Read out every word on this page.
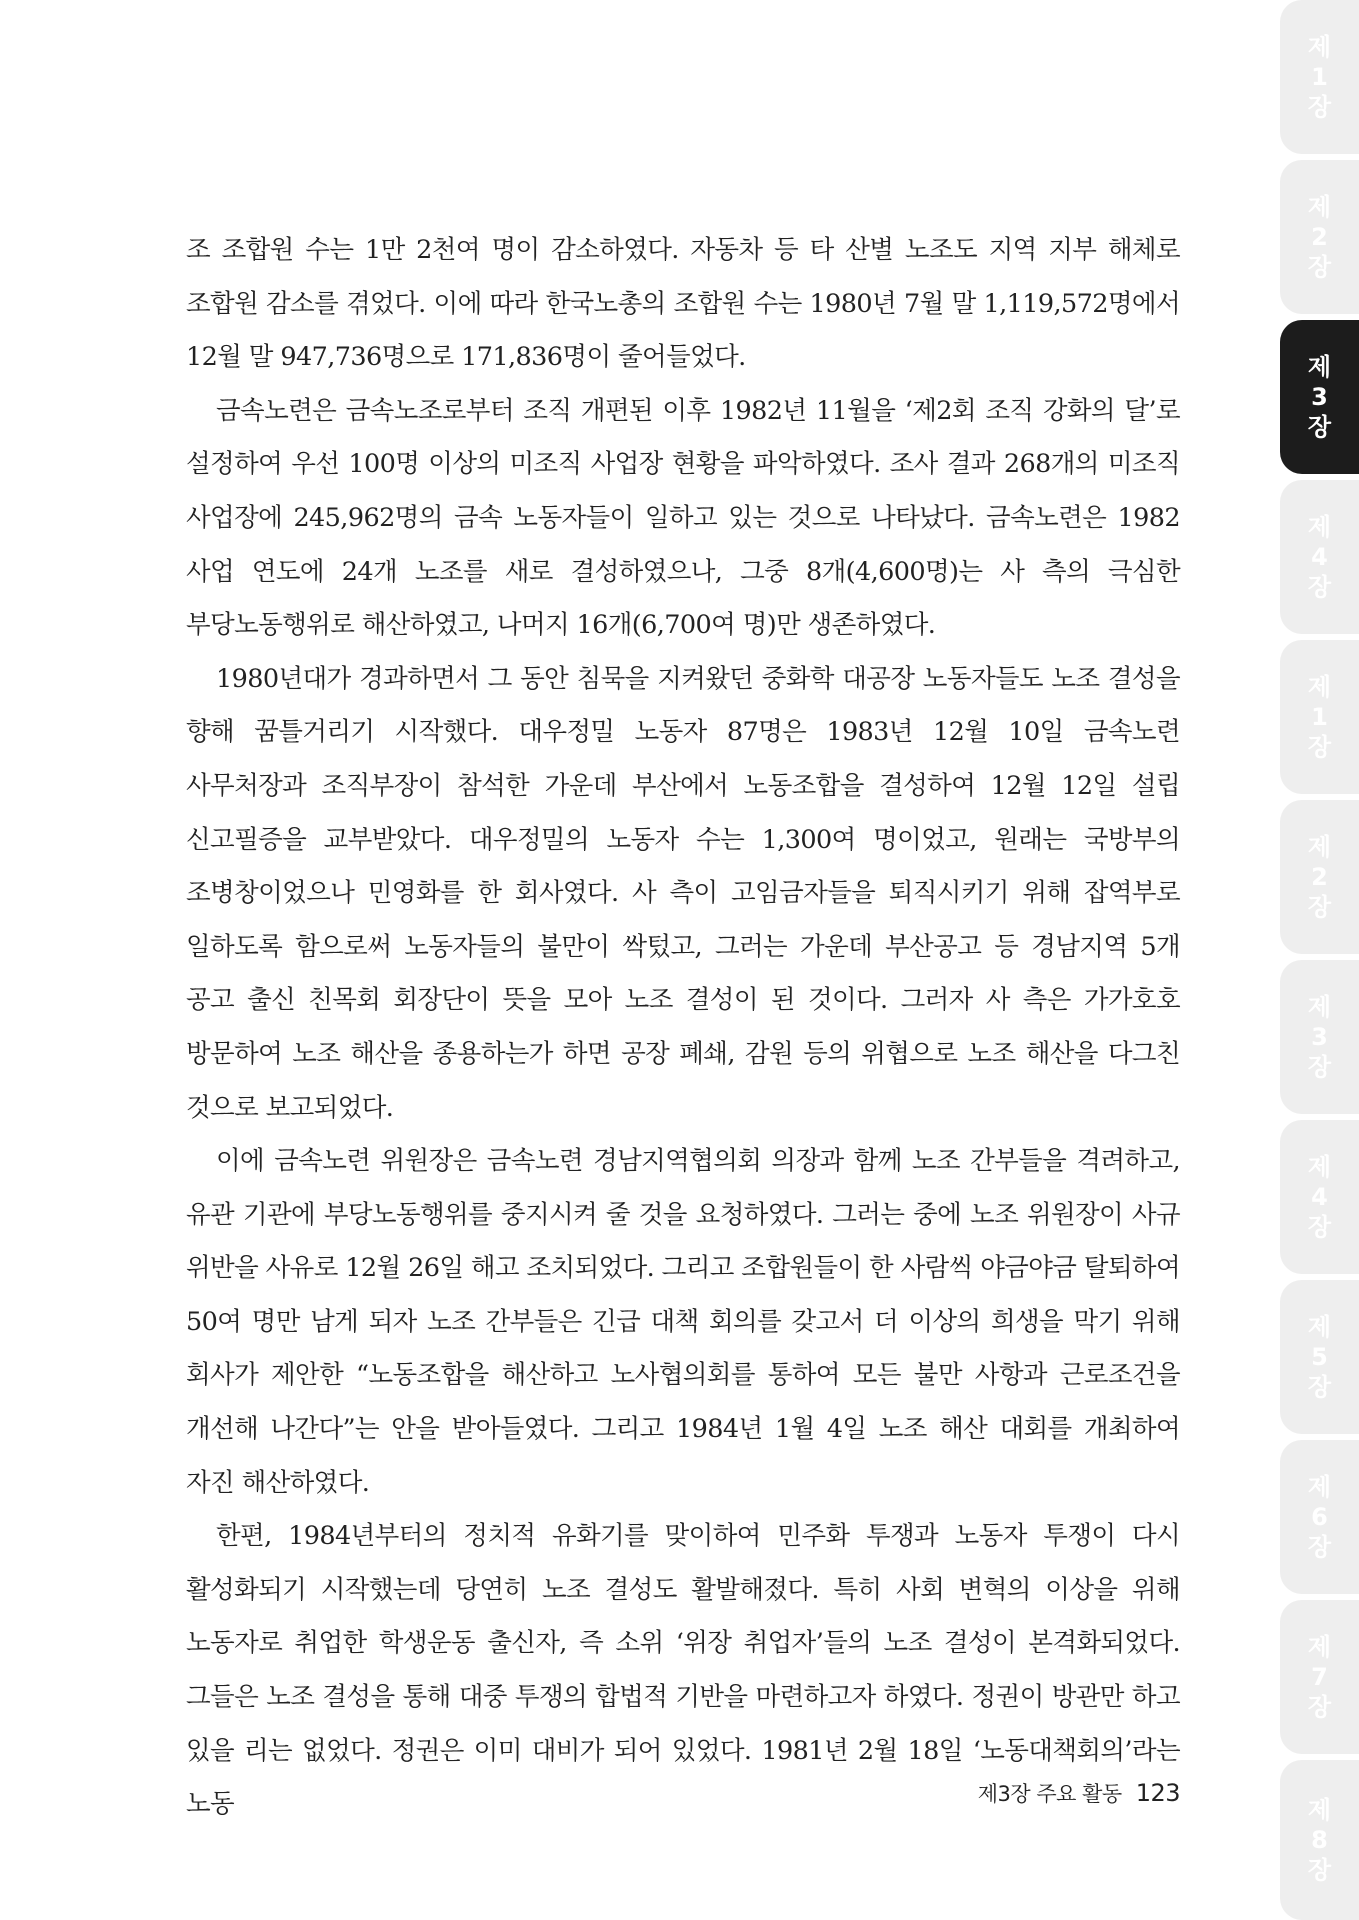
조 조합원 수는 1만 2천여 명이 감소하였다. 자동차 등 타 산별 노조도 지역 지부 해체로 조합원 감소를 겪었다. 이에 따라 한국노총의 조합원 수는 1980년 7월 말 1,119,572명에서 12월 말 947,736명으로 171,836명이 줄어들었다.

금속노련은 금속노조로부터 조직 개편된 이후 1982년 11월을 ‘제2회 조직 강화의 달’로 설정하여 우선 100명 이상의 미조직 사업장 현황을 파악하였다. 조사 결과 268개의 미조직 사업장에 245,962명의 금속 노동자들이 일하고 있는 것으로 나타났다. 금속노련은 1982 사업 연도에 24개 노조를 새로 결성하였으나, 그중 8개(4,600명)는 사 측의 극심한 부당노동행위로 해산하였고, 나머지 16개(6,700여 명)만 생존하였다.

1980년대가 경과하면서 그 동안 침묵을 지켜왔던 중화학 대공장 노동자들도 노조 결성을 향해 꿈틀거리기 시작했다. 대우정밀 노동자 87명은 1983년 12월 10일 금속노련 사무처장과 조직부장이 참석한 가운데 부산에서 노동조합을 결성하여 12월 12일 설립 신고필증을 교부받았다. 대우정밀의 노동자 수는 1,300여 명이었고, 원래는 국방부의 조병창이었으나 민영화를 한 회사였다. 사 측이 고임금자들을 퇴직시키기 위해 잡역부로 일하도록 함으로써 노동자들의 불만이 싹텄고, 그러는 가운데 부산공고 등 경남지역 5개 공고 출신 친목회 회장단이 뜻을 모아 노조 결성이 된 것이다. 그러자 사 측은 가가호호 방문하여 노조 해산을 종용하는가 하면 공장 폐쇄, 감원 등의 위협으로 노조 해산을 다그친 것으로 보고되었다.

이에 금속노련 위원장은 금속노련 경남지역협의회 의장과 함께 노조 간부들을 격려하고, 유관 기관에 부당노동행위를 중지시켜 줄 것을 요청하였다. 그러는 중에 노조 위원장이 사규 위반을 사유로 12월 26일 해고 조치되었다. 그리고 조합원들이 한 사람씩 야금야금 탈퇴하여 50여 명만 남게 되자 노조 간부들은 긴급 대책 회의를 갖고서 더 이상의 희생을 막기 위해 회사가 제안한 “노동조합을 해산하고 노사협의회를 통하여 모든 불만 사항과 근로조건을 개선해 나간다”는 안을 받아들였다. 그리고 1984년 1월 4일 노조 해산 대회를 개최하여 자진 해산하였다.

한편, 1984년부터의 정치적 유화기를 맞이하여 민주화 투쟁과 노동자 투쟁이 다시 활성화되기 시작했는데 당연히 노조 결성도 활발해졌다. 특히 사회 변혁의 이상을 위해 노동자로 취업한 학생운동 출신자, 즉 소위 ‘위장 취업자’들의 노조 결성이 본격화되었다. 그들은 노조 결성을 통해 대중 투쟁의 합법적 기반을 마련하고자 하였다. 정권이 방관만 하고 있을 리는 없었다. 정권은 이미 대비가 되어 있었다. 1981년 2월 18일 ‘노동대책회의’라는 노동	제3장 주요 활동 123
제
1
장
제
2
장
제
3
장
제
4
장
제
1
장
제
2
장
제
3
장
제
4
장
제
5
장
제
6
장
제
7
장
제
8
장
